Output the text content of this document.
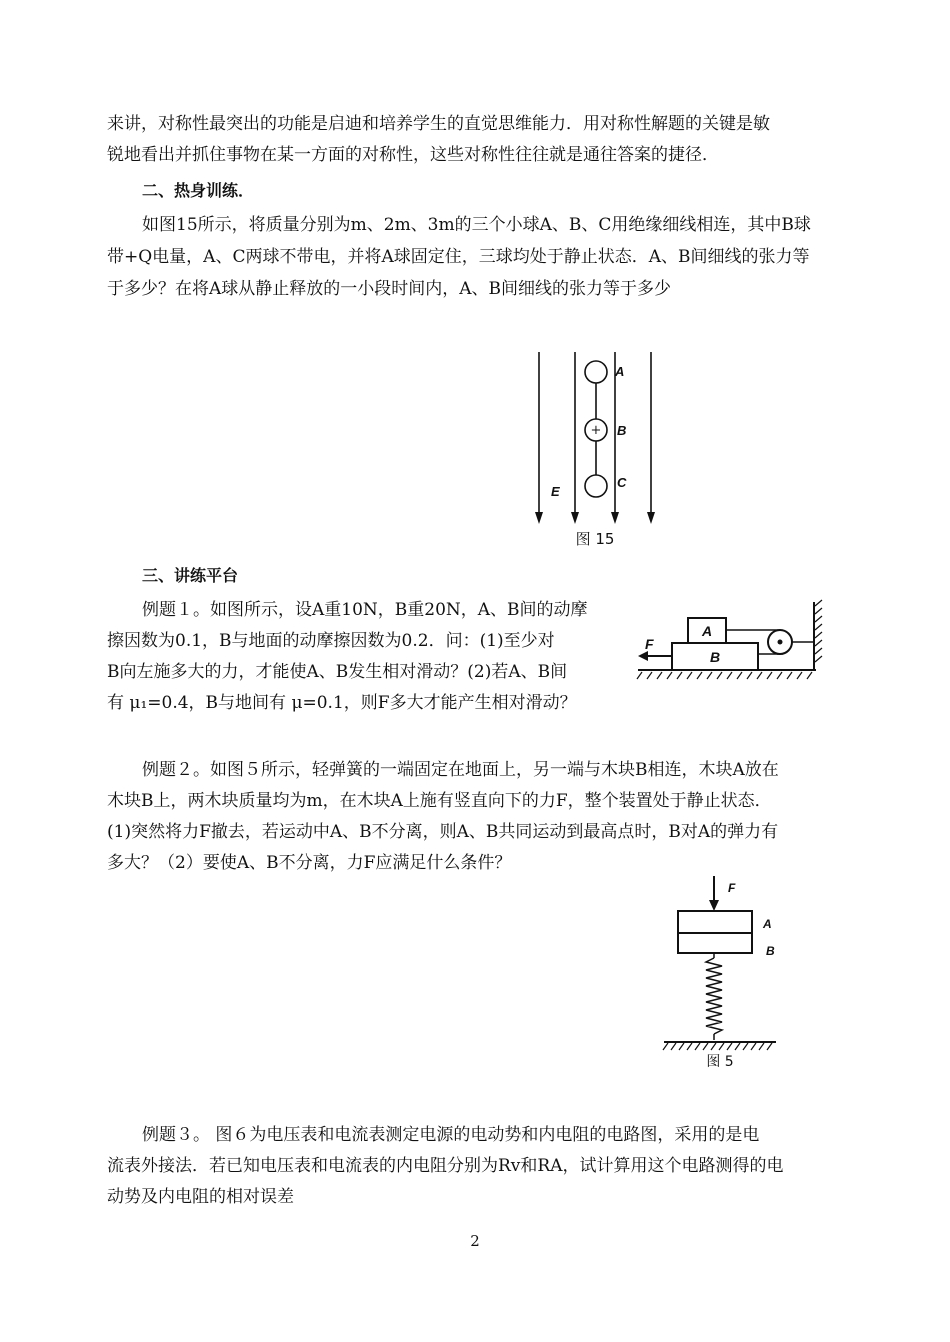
来讲，对称性最突出的功能是启迪和培养学生的直觉思维能力．用对称性解题的关键是敏
锐地看出并抓住事物在某一方面的对称性，这些对称性往往就是通往答案的捷径．
二、热身训练．
如图15所示，将质量分别为m、2m、3m的三个小球A、B、C用绝缘细线相连，其中B球
带+Q电量，A、C两球不带电，并将A球固定住，三球均处于静止状态．A、B间细线的张力等
于多少？在将A球从静止释放的一小段时间内，A、B间细线的张力等于多少
+
A
B
C
E
图 15
三、讲练平台
例题１。如图所示，设A重10N，B重20N，A、B间的动摩
擦因数为0.1，B与地面的动摩擦因数为0.2．问：(1)至少对
B向左施多大的力，才能使A、B发生相对滑动？(2)若A、B间
有 μ₁=0.4，B与地间有 μ=0.1，则F多大才能产生相对滑动？
F
A
B
例题２。如图５所示，轻弹簧的一端固定在地面上，另一端与木块B相连，木块A放在
木块B上，两木块质量均为m，在木块A上施有竖直向下的力F，整个装置处于静止状态．
(1)突然将力F撤去，若运动中A、B不分离，则A、B共同运动到最高点时，B对A的弹力有
多大？（2）要使A、B不分离，力F应满足什么条件？
F
A
B
图 5
例题３。 图６为电压表和电流表测定电源的电动势和内电阻的电路图，采用的是电
流表外接法．若已知电压表和电流表的内电阻分别为Rv和RA，试计算用这个电路测得的电
动势及内电阻的相对误差
2
